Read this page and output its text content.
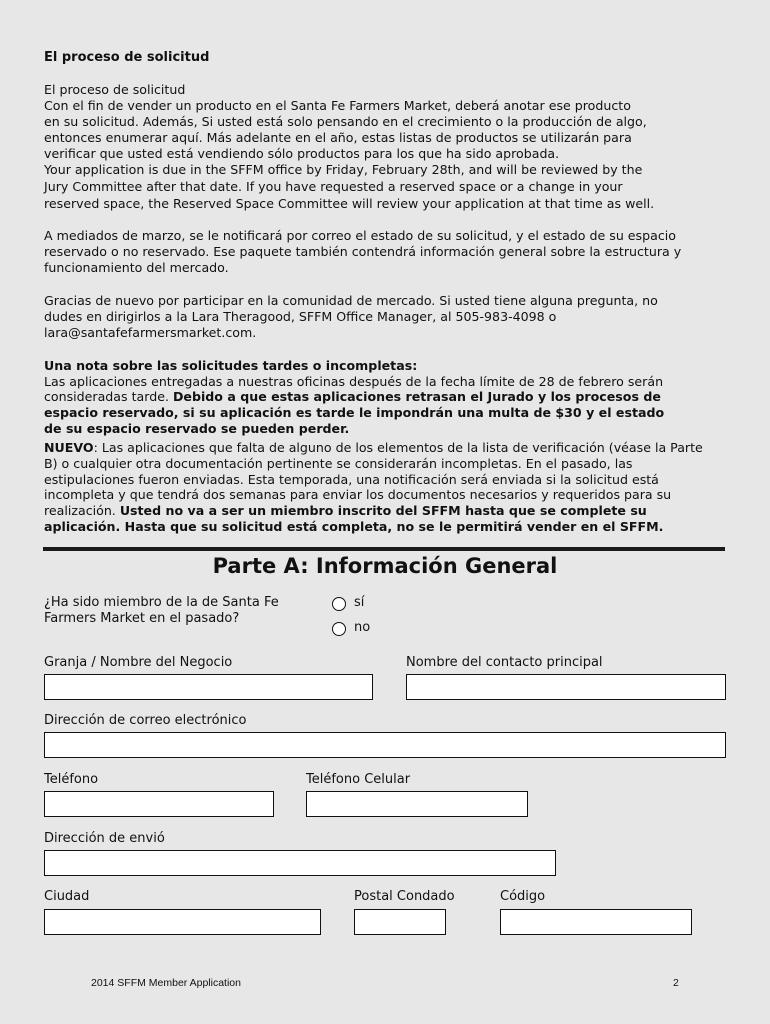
El proceso de solicitud
El proceso de solicitud
Con el fin de vender un producto en el Santa Fe Farmers Market, deberá anotar ese producto
en su solicitud. Además, Si usted está solo pensando en el crecimiento o la producción de algo,
entonces enumerar aquí. Más adelante en el año, estas listas de productos se utilizarán para
verificar que usted está vendiendo sólo productos para los que ha sido aprobada.
Your application is due in the SFFM office by Friday, February 28th, and will be reviewed by the
Jury Committee after that date. If you have requested a reserved space or a change in your
reserved space, the Reserved Space Committee will review your application at that time as well.
A mediados de marzo, se le notificará por correo el estado de su solicitud, y el estado de su espacio
reservado o no reservado. Ese paquete también contendrá información general sobre la estructura y
funcionamiento del mercado.
Gracias de nuevo por participar en la comunidad de mercado. Si usted tiene alguna pregunta, no
dudes en dirigirlos a la Lara Theragood, SFFM Office Manager, al 505-983-4098 o
lara@santafefarmersmarket.com.
Una nota sobre las solicitudes tardes o incompletas:
Las aplicaciones entregadas a nuestras oficinas después de la fecha límite de 28 de febrero serán
consideradas tarde. Debido a que estas aplicaciones retrasan el Jurado y los procesos de
espacio reservado, si su aplicación es tarde le impondrán una multa de $30 y el estado
de su espacio reservado se pueden perder.
NUEVO: Las aplicaciones que falta de alguno de los elementos de la lista de verificación (véase la Parte
B) o cualquier otra documentación pertinente se considerarán incompletas. En el pasado, las
estipulaciones fueron enviadas. Esta temporada, una notificación será enviada si la solicitud está
incompleta y que tendrá dos semanas para enviar los documentos necesarios y requeridos para su
realización. Usted no va a ser un miembro inscrito del SFFM hasta que se complete su
aplicación. Hasta que su solicitud está completa, no se le permitirá vender en el SFFM.
Parte A: Información General
¿Ha sido miembro de la de Santa Fe
Farmers Market en el pasado?
sí
no
Granja / Nombre del Negocio	Nombre del contacto principal
Dirección de correo electrónico
Teléfono	Teléfono Celular
Dirección de envió
Ciudad	Postal Condado	Código
2014 SFFM Member Application	2
